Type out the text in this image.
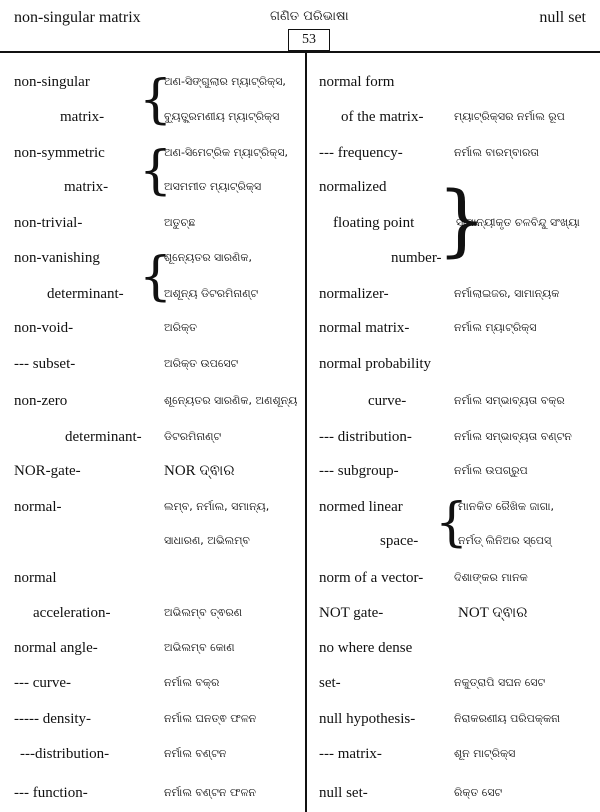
non-singular matrix	ଗଣିତ ପରିଭାଷା	null set
53
{
{
{
}
{
non-singular	ଅଣ-ସିଙ୍ଗୁଲାର ମ୍ୟାଟ୍ରିକ୍ସ,
matrix-	ବ୍ୟୁତ୍କ୍ରମଣୀୟ ମ୍ୟାଟ୍ରିକ୍ସ
non-symmetric	ଅଣ-ସିମେଟ୍ରିକ ମ୍ୟାଟ୍ରିକ୍ସ,
matrix-	ଅସମମୀତ ମ୍ୟାଟ୍ରିକ୍ସ
non-trivial-	ଅତୁଚ୍ଛ
non-vanishing	ଶୂନ୍ୟେତର ସାରଣିକ,
determinant-	ଅଶୂନ୍ୟ ଡିଟରମିନାଣ୍ଟ
non-void-	ଅରିକ୍ତ
--- subset-	ଅରିକ୍ତ ଉପସେଟ
non-zero	ଶୂନ୍ୟେତର ସାରଣିକ, ଅଣଶୂନ୍ୟ
determinant- ଡିଟରମିନାଣ୍ଟ
NOR-gate-	NOR ଦ୍ଵାର
normal-	ଲମ୍ବ, ନର୍ମାଲ, ସମାନ୍ୟ,
ସାଧାରଣ, ଅଭିଲମ୍ବ
normal
acceleration-	ଅଭିଲମ୍ବ ତ୍ଵରଣ
normal angle-	ଅଭିଲମ୍ବ କୋଣ
--- curve-	ନର୍ମାଲ ବକ୍ର
----- density-	ନର୍ମାଲ ଘନତ୍ଵ ଫଳନ
---distribution-	ନର୍ମାଲ ବଣ୍ଟନ
--- function-	ନର୍ମାଲ ବଣ୍ଟନ ଫଳନ
normal form
of the matrix-	ମ୍ୟାଟ୍ରିକ୍ସର ନର୍ମାଲ ରୂପ
--- frequency-	ନର୍ମାଲ ବାରମ୍ବାରତା
normalized
floating point	ସାମାନ୍ୟୀକୃତ ଚଳବିନ୍ଦୁ ସଂଖ୍ୟା
number-
normalizer-	ନର୍ମାଲାଇଜର, ସାମାନ୍ୟକ
normal matrix-	ନର୍ମାଲ ମ୍ୟାଟ୍ରିକ୍ସ
normal probability
curve-	ନର୍ମାଲ ସମ୍ଭାବ୍ୟତା ବକ୍ର
--- distribution-	ନର୍ମାଲ ସମ୍ଭାବ୍ୟତା ବଣ୍ଟନ
--- subgroup-	ନର୍ମାଲ ଉପଗ୍ରୁପ
normed linear	ମାନକିତ ରୈଖିକ ଜାଗା,
space-	ନର୍ମଡ୍ ଲିନିଅର ସ୍ପେସ୍
norm of a vector-	ଦିଶାଙ୍କର ମାନକ
NOT gate-	NOT ଦ୍ଵାର
no where dense
set-	ନକୁତ୍ରାପି ସଘନ ସେଟ
null hypothesis-	ନିରାକରଣୀୟ ପରିପକ୍କନା
--- matrix-	ଶୂନ ମାଟ୍ରିକ୍ସ
null set-	ରିକ୍ତ ସେଟ
